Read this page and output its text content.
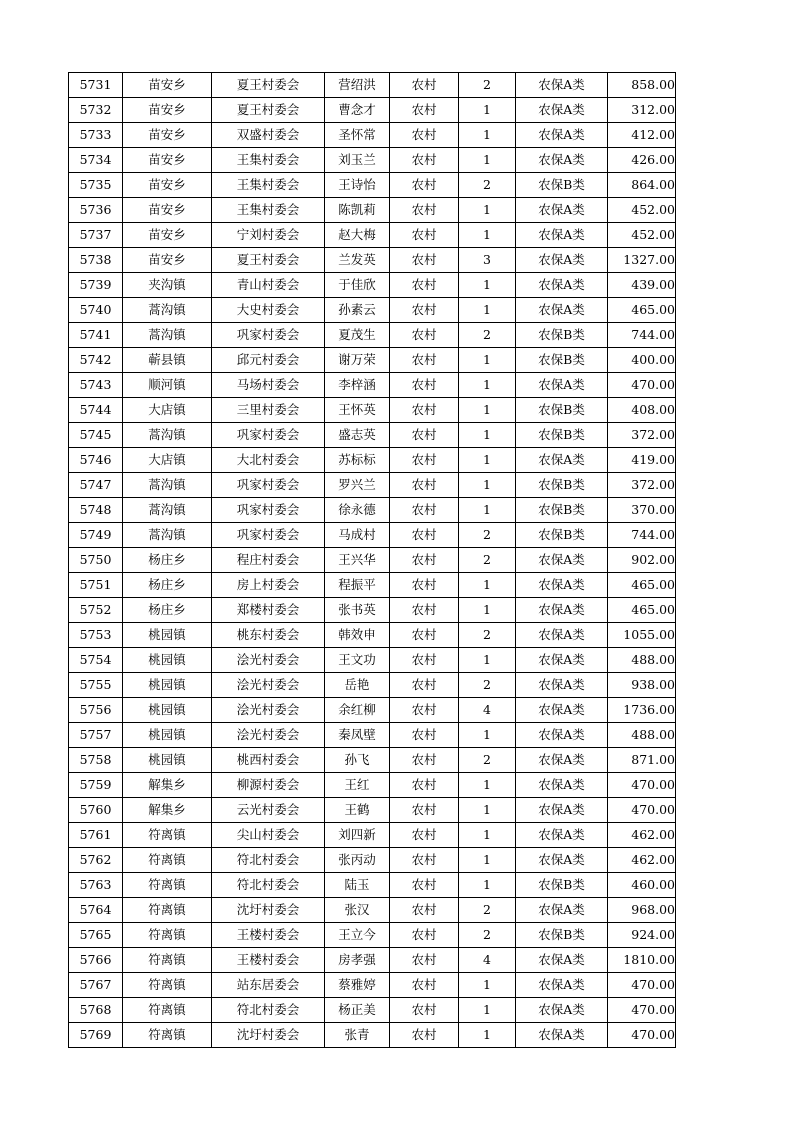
5731	苗安乡	夏王村委会	营绍洪	农村	2	农保A类	858.00
5732	苗安乡	夏王村委会	曹念才	农村	1	农保A类	312.00
5733	苗安乡	双盛村委会	圣怀常	农村	1	农保A类	412.00
5734	苗安乡	王集村委会	刘玉兰	农村	1	农保A类	426.00
5735	苗安乡	王集村委会	王诗怡	农村	2	农保B类	864.00
5736	苗安乡	王集村委会	陈凯莉	农村	1	农保A类	452.00
5737	苗安乡	宁刘村委会	赵大梅	农村	1	农保A类	452.00
5738	苗安乡	夏王村委会	兰发英	农村	3	农保A类	1327.00
5739	夹沟镇	青山村委会	于佳欣	农村	1	农保A类	439.00
5740	蒿沟镇	大史村委会	孙素云	农村	1	农保A类	465.00
5741	蒿沟镇	巩家村委会	夏茂生	农村	2	农保B类	744.00
5742	蕲县镇	邱元村委会	谢万荣	农村	1	农保B类	400.00
5743	顺河镇	马场村委会	李梓涵	农村	1	农保A类	470.00
5744	大店镇	三里村委会	王怀英	农村	1	农保B类	408.00
5745	蒿沟镇	巩家村委会	盛志英	农村	1	农保B类	372.00
5746	大店镇	大北村委会	苏标标	农村	1	农保A类	419.00
5747	蒿沟镇	巩家村委会	罗兴兰	农村	1	农保B类	372.00
5748	蒿沟镇	巩家村委会	徐永德	农村	1	农保B类	370.00
5749	蒿沟镇	巩家村委会	马成村	农村	2	农保B类	744.00
5750	杨庄乡	程庄村委会	王兴华	农村	2	农保A类	902.00
5751	杨庄乡	房上村委会	程振平	农村	1	农保A类	465.00
5752	杨庄乡	郑楼村委会	张书英	农村	1	农保A类	465.00
5753	桃园镇	桃东村委会	韩效申	农村	2	农保A类	1055.00
5754	桃园镇	浍光村委会	王文功	农村	1	农保A类	488.00
5755	桃园镇	浍光村委会	岳艳	农村	2	农保A类	938.00
5756	桃园镇	浍光村委会	余红柳	农村	4	农保A类	1736.00
5757	桃园镇	浍光村委会	秦凤壁	农村	1	农保A类	488.00
5758	桃园镇	桃西村委会	孙飞	农村	2	农保A类	871.00
5759	解集乡	柳源村委会	王红	农村	1	农保A类	470.00
5760	解集乡	云光村委会	王鹤	农村	1	农保A类	470.00
5761	符离镇	尖山村委会	刘四新	农村	1	农保A类	462.00
5762	符离镇	符北村委会	张丙动	农村	1	农保A类	462.00
5763	符离镇	符北村委会	陆玉	农村	1	农保B类	460.00
5764	符离镇	沈圩村委会	张汉	农村	2	农保A类	968.00
5765	符离镇	王楼村委会	王立今	农村	2	农保B类	924.00
5766	符离镇	王楼村委会	房孝强	农村	4	农保A类	1810.00
5767	符离镇	站东居委会	蔡雅婷	农村	1	农保A类	470.00
5768	符离镇	符北村委会	杨正美	农村	1	农保A类	470.00
5769	符离镇	沈圩村委会	张青	农村	1	农保A类	470.00
